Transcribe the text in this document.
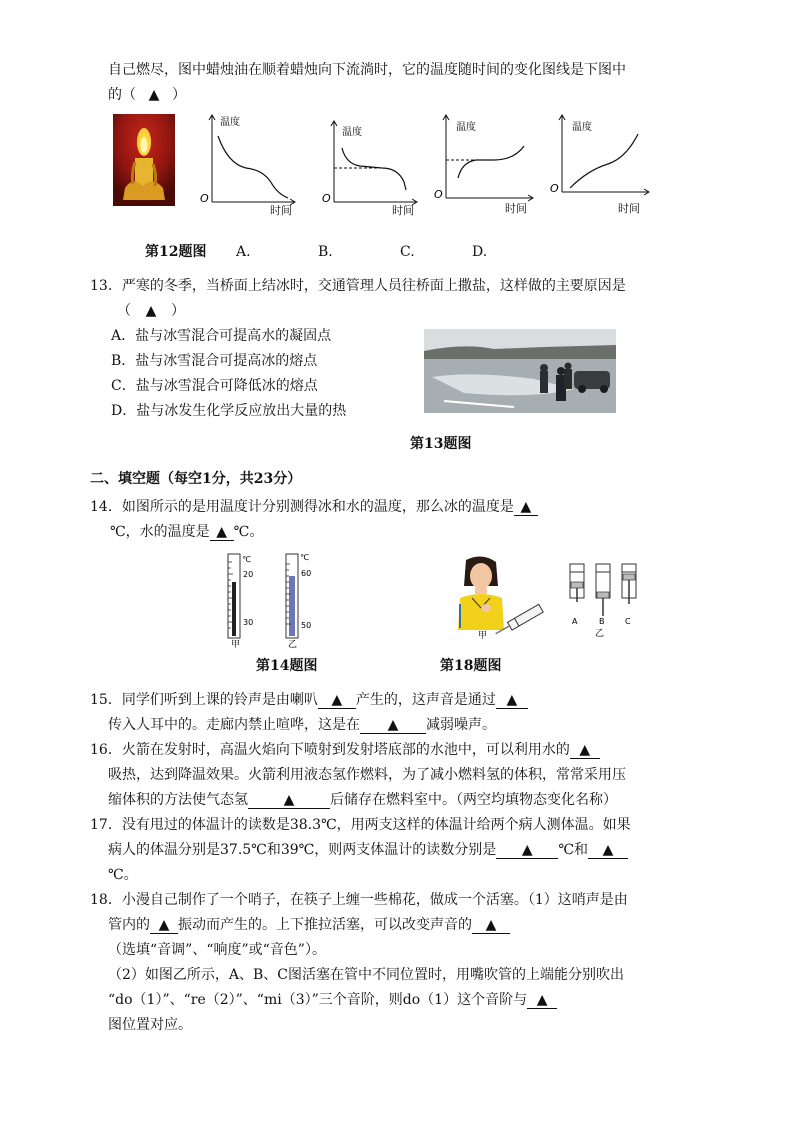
自己燃尽，图中蜡烛油在顺着蜡烛向下流淌时，它的温度随时间的变化图线是下图中
的（ ▲ ）
温度
O
时间
温度
O
时间
温度
O
时间
温度
O
时间
第12题图 A.	B.	C.	D.
13．严寒的冬季，当桥面上结冰时，交通管理人员往桥面上撒盐，这样做的主要原因是
（ ▲ ）
A．盐与冰雪混合可提高水的凝固点
B．盐与冰雪混合可提高冰的熔点
C．盐与冰雪混合可降低冰的熔点
D．盐与冰发生化学反应放出大量的热
第13题图
二、填空题（每空1分，共23分）
14．如图所示的是用温度计分别测得冰和水的温度，那么冰的温度是 ▲
℃，水的温度是 ▲ ℃。
℃
20
30
甲
℃
60
50
乙
第14题图
甲
A	B	C
乙
第18题图
15．同学们听到上课的铃声是由喇叭 ▲ 产生的，这声音是通过 ▲
传入人耳中的。走廊内禁止喧哗，这是在 ▲ 减弱噪声。
16．火箭在发射时，高温火焰向下喷射到发射塔底部的水池中，可以利用水的 ▲
吸热，达到降温效果。火箭利用液态氢作燃料，为了减小燃料氢的体积，常常采用压
缩体积的方法使气态氢	▲	后储存在燃料室中。（两空均填物态变化名称）
17．没有甩过的体温计的读数是38.3℃，用两支这样的体温计给两个病人测体温。如果
病人的体温分别是37.5℃和39℃，则两支体温计的读数分别是 ▲ ℃和 ▲
℃。
18．小漫自己制作了一个哨子，在筷子上缠一些棉花，做成一个活塞。（1）这哨声是由
管内的 ▲ 振动而产生的。上下推拉活塞，可以改变声音的 ▲
（选填“音调”、“响度”或“音色”）。
（2）如图乙所示，A、B、C图活塞在管中不同位置时，用嘴吹管的上端能分别吹出
“do（1）”、“re（2）”、“mi（3）”三个音阶，则do（1）这个音阶与 ▲
图位置对应。
